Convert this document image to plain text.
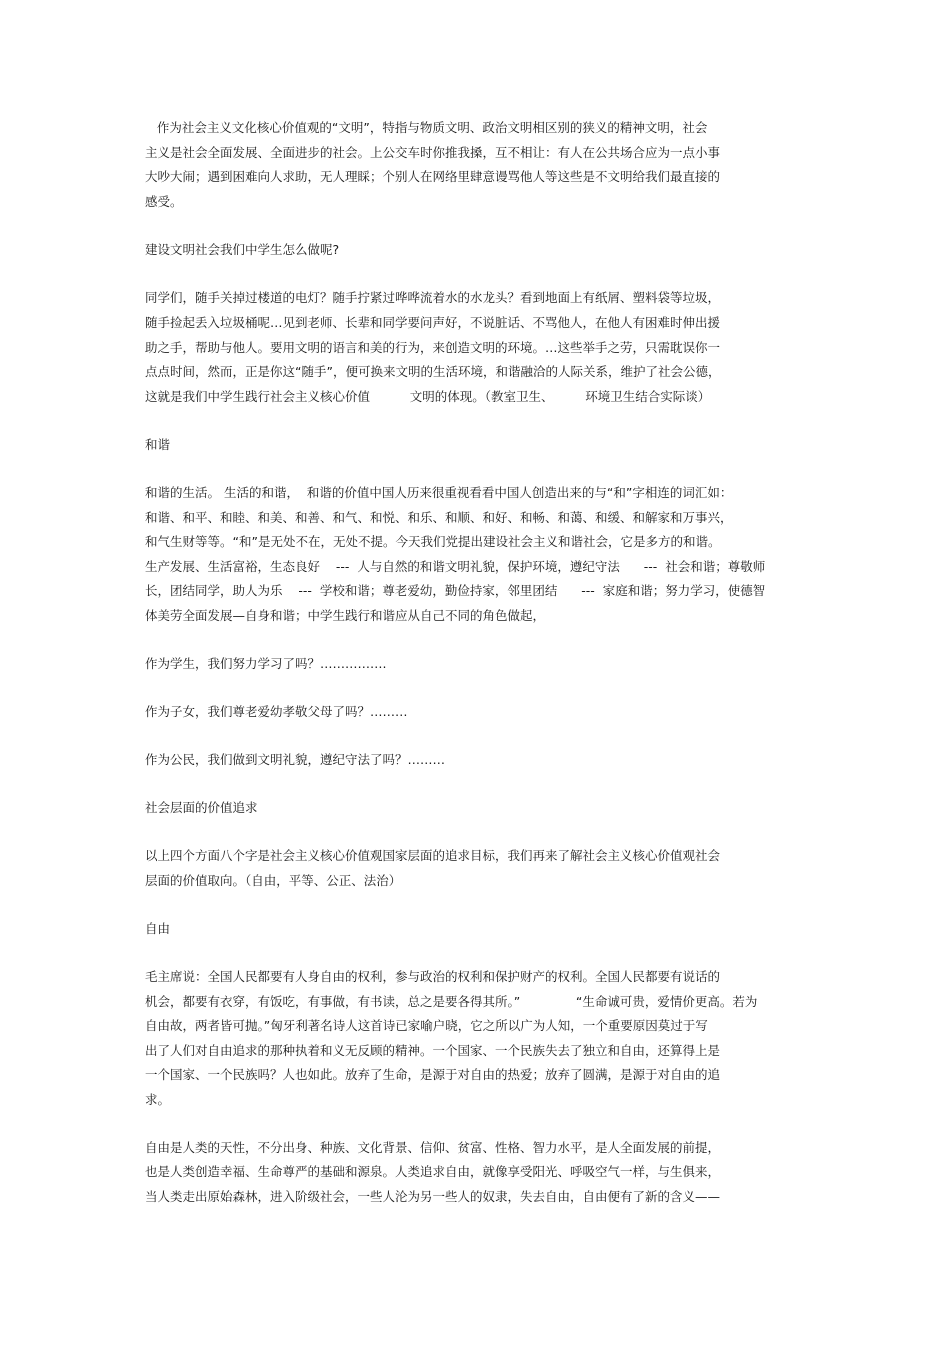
作为社会主义文化核心价值观的“文明”，特指与物质文明、政治文明相区别的狭义的精神文明，社会
主义是社会全面发展、全面进步的社会。上公交车时你推我搡，互不相让：有人在公共场合应为一点小事
大吵大闹；遇到困难向人求助，无人理睬；个别人在网络里肆意谩骂他人等这些是不文明给我们最直接的
感受。
建设文明社会我们中学生怎么做呢?
同学们，随手关掉过楼道的电灯？随手拧紧过哗哗流着水的水龙头？看到地面上有纸屑、塑料袋等垃圾，
随手捡起丢入垃圾桶呢…见到老师、长辈和同学要问声好，不说脏话、不骂他人，在他人有困难时伸出援
助之手，帮助与他人。要用文明的语言和美的行为，来创造文明的环境。…这些举手之劳，只需耽误你一
点点时间，然而，正是你这“随手”，便可换来文明的生活环境，和谐融洽的人际关系，维护了社会公德，
这就是我们中学生践行社会主义核心价值          文明的体现。（教室卫生、        环境卫生结合实际谈）
和谐
和谐的生活。 生活的和谐，  和谐的价值中国人历来很重视看看中国人创造出来的与“和”字相连的词汇如：
和谐、和平、和睦、和美、和善、和气、和悦、和乐、和顺、和好、和畅、和蔼、和缓、和解家和万事兴，
和气生财等等。“和”是无处不在，无处不提。今天我们党提出建设社会主义和谐社会，它是多方的和谐。
生产发展、生活富裕，生态良好    ---  人与自然的和谐文明礼貌，保护环境，遵纪守法      ---  社会和谐；尊敬师
长，团结同学，助人为乐    ---  学校和谐；尊老爱幼，勤俭持家，邻里团结      ---  家庭和谐；努力学习，使德智
体美劳全面发展—自身和谐；中学生践行和谐应从自己不同的角色做起，
作为学生，我们努力学习了吗？…………….
作为子女，我们尊老爱幼孝敬父母了吗？………
作为公民，我们做到文明礼貌，遵纪守法了吗？………
社会层面的价值追求
以上四个方面八个字是社会主义核心价值观国家层面的追求目标，我们再来了解社会主义核心价值观社会
层面的价值取向。（自由，平等、公正、法治）
自由
毛主席说：全国人民都要有人身自由的权利，参与政治的权利和保护财产的权利。全国人民都要有说话的
机会，都要有衣穿，有饭吃，有事做，有书读，总之是要各得其所。”              “生命诚可贵，爱情价更高。若为
自由故，两者皆可抛。”匈牙利著名诗人这首诗已家喻户晓，它之所以广为人知，一个重要原因莫过于写
出了人们对自由追求的那种执着和义无反顾的精神。一个国家、一个民族失去了独立和自由，还算得上是
一个国家、一个民族吗？人也如此。放弃了生命，是源于对自由的热爱；放弃了圆满，是源于对自由的追
求。
自由是人类的天性，不分出身、种族、文化背景、信仰、贫富、性格、智力水平，是人全面发展的前提，
也是人类创造幸福、生命尊严的基础和源泉。人类追求自由，就像享受阳光、呼吸空气一样，与生俱来，
当人类走出原始森林，进入阶级社会，一些人沦为另一些人的奴隶，失去自由，自由便有了新的含义——
